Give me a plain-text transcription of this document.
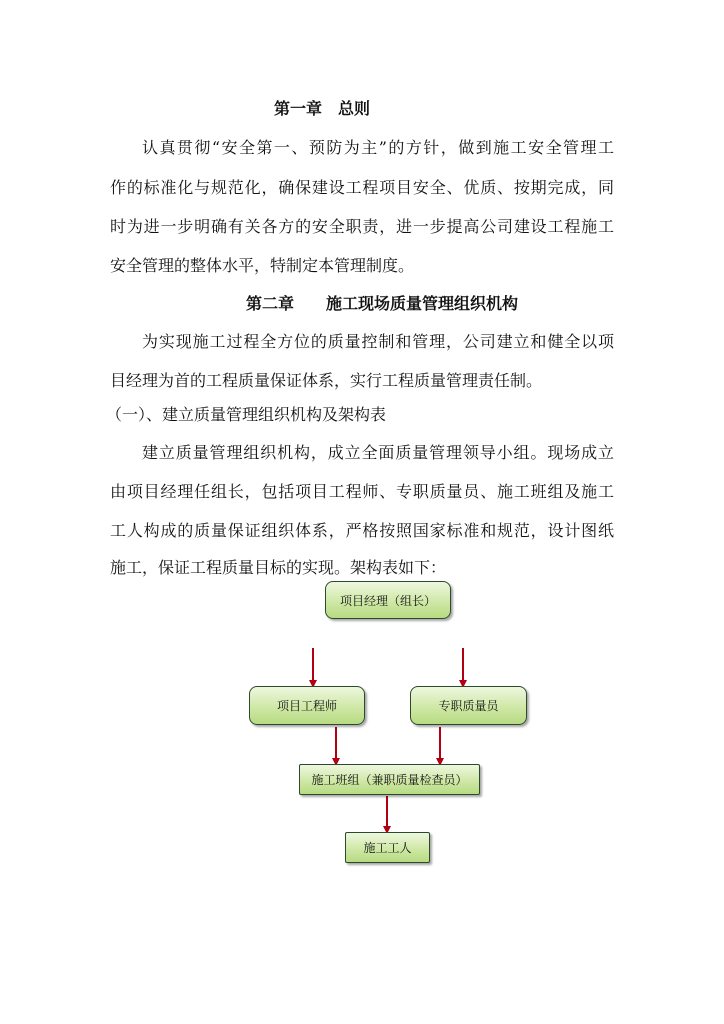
第一章　总则
认真贯彻“安全第一、预防为主”的方针，做到施工安全管理工
作的标准化与规范化，确保建设工程项目安全、优质、按期完成，同
时为进一步明确有关各方的安全职责，进一步提高公司建设工程施工
安全管理的整体水平，特制定本管理制度。
第二章　　施工现场质量管理组织机构
为实现施工过程全方位的质量控制和管理，公司建立和健全以项
目经理为首的工程质量保证体系，实行工程质量管理责任制。
（一）、建立质量管理组织机构及架构表
建立质量管理组织机构，成立全面质量管理领导小组。现场成立
由项目经理任组长，包括项目工程师、专职质量员、施工班组及施工
工人构成的质量保证组织体系，严格按照国家标准和规范，设计图纸
施工，保证工程质量目标的实现。架构表如下：
项目经理（组长）
项目工程师	专职质量员
施工班组（兼职质量检查员）
施工工人
